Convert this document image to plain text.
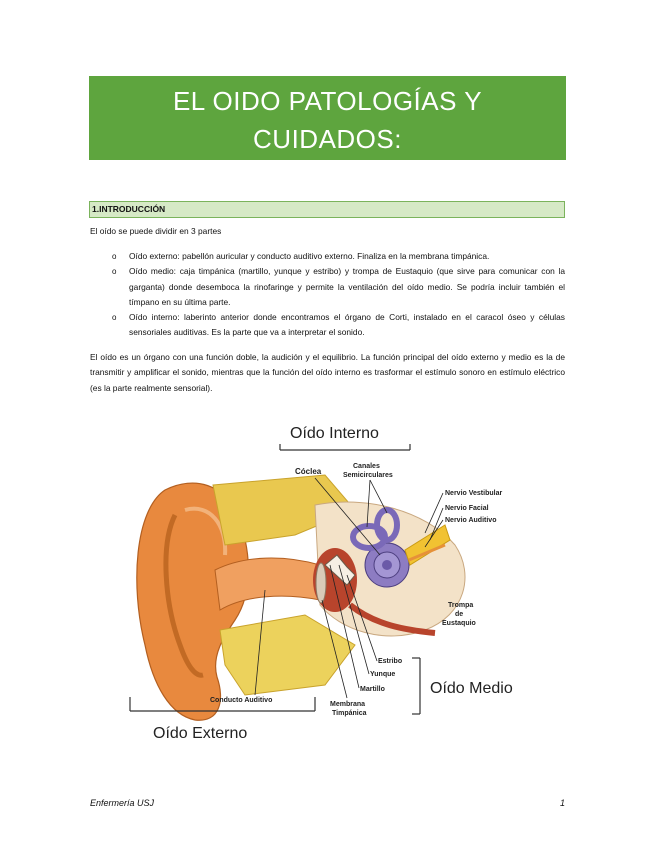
EL OIDO PATOLOGÍAS Y
CUIDADOS:
1.INTRODUCCIÓN
El oído se puede dividir en 3 partes
o Oído externo: pabellón auricular y conducto auditivo externo. Finaliza en la membrana timpánica.
o Oído medio: caja timpánica (martillo, yunque y estribo) y trompa de Eustaquio (que sirve para comunicar con la garganta) donde desemboca la rinofaringe y permite la ventilación del oído medio. Se podría incluir también el tímpano en su última parte.
o Oído interno: laberinto anterior donde encontramos el órgano de Corti, instalado en el caracol óseo y células sensoriales auditivas. Es la parte que va a interpretar el sonido.
El oído es un órgano con una función doble, la audición y el equilibrio. La función principal del oído externo y medio es la de transmitir y amplificar el sonido, mientras que la función del oído interno es trasformar el estímulo sonoro en estímulo eléctrico (es la parte realmente sensorial).
Oído Interno
Cóclea
Canales
Semicirculares
Nervio Vestibular
Nervio Facial
Nervio Auditivo
Trompa
de
Eustaquio
Estribo
Yunque
Martillo
Membrana
Timpánica
Oído Medio
Conducto Auditivo
Oído Externo
Enfermería USJ	1
